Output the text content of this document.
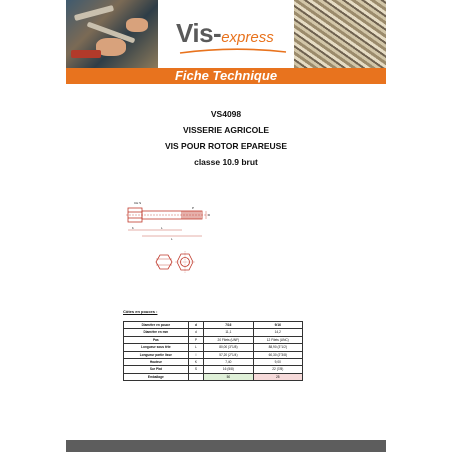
Vis-express
Fiche Technique
VS4098
VISSERIE AGRICOLE
VIS POUR ROTOR EPAREUSE
classe 10.9 brut
CH S
b	L
L
P
D
Côtes en pouces :
Diamètre en pouce	d	7/16	9/16
Diamètre en mm	d	11,1	14,2
Pas	P	20 Filets (UNF)	12 Filets (UNC)
Longueur sous tête	L	80,00 (3"1/8)	88,90 (3"1/2)
Longueur partie lisse	l	57,20 (2"1/4)	60,30 (2"3/8)
Hauteur	K	7,40	9,00
Sur Plat	S	16 (5/8)	22 (7/8)
Emballage		50	25
